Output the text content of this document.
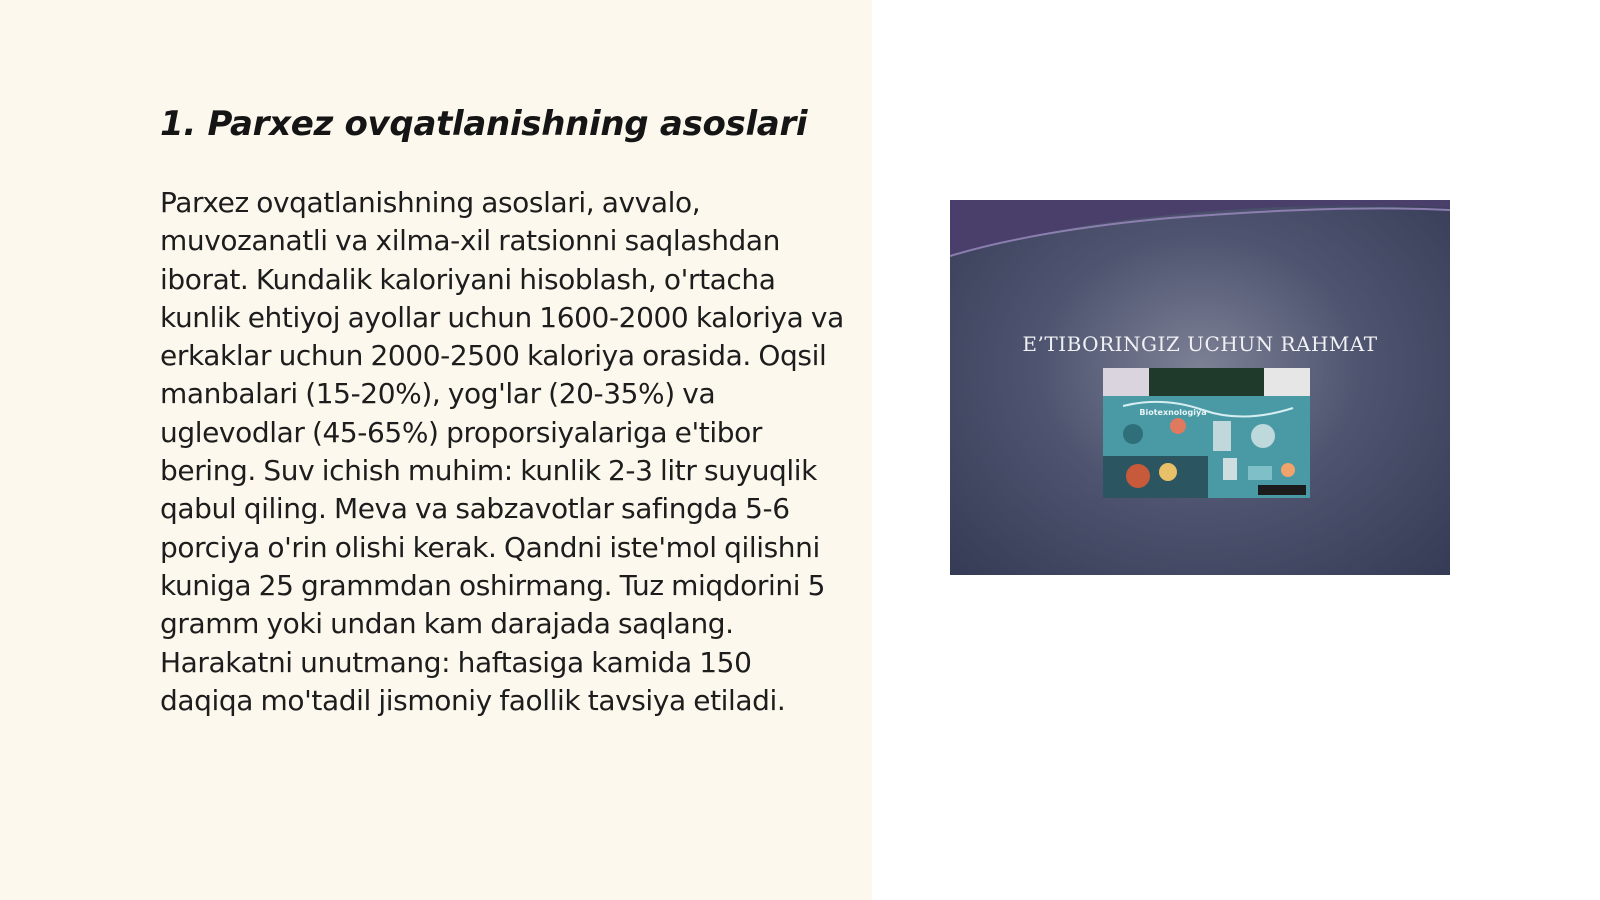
1. Parxez ovqatlanishning asoslari

Parxez ovqatlanishning asoslari, avvalo, muvozanatli va xilma-xil ratsionni saqlashdan iborat. Kundalik kaloriyani hisoblash, o'rtacha kunlik ehtiyoj ayollar uchun 1600-2000 kaloriya va erkaklar uchun 2000-2500 kaloriya orasida. Oqsil manbalari (15-20%), yog'lar (20-35%) va uglevodlar (45-65%) proporsiyalariga e'tibor bering. Suv ichish muhim: kunlik 2-3 litr suyuqlik qabul qiling. Meva va sabzavotlar safingda 5-6 porciya o'rin olishi kerak. Qandni iste'mol qilishni kuniga 25 grammdan oshirmang. Tuz miqdorini 5 gramm yoki undan kam darajada saqlang. Harakatni unutmang: haftasiga kamida 150 daqiqa mo'tadil jismoniy faollik tavsiya etiladi.

E’TIBORINGIZ UCHUN RAHMAT
Biotexnologiya
